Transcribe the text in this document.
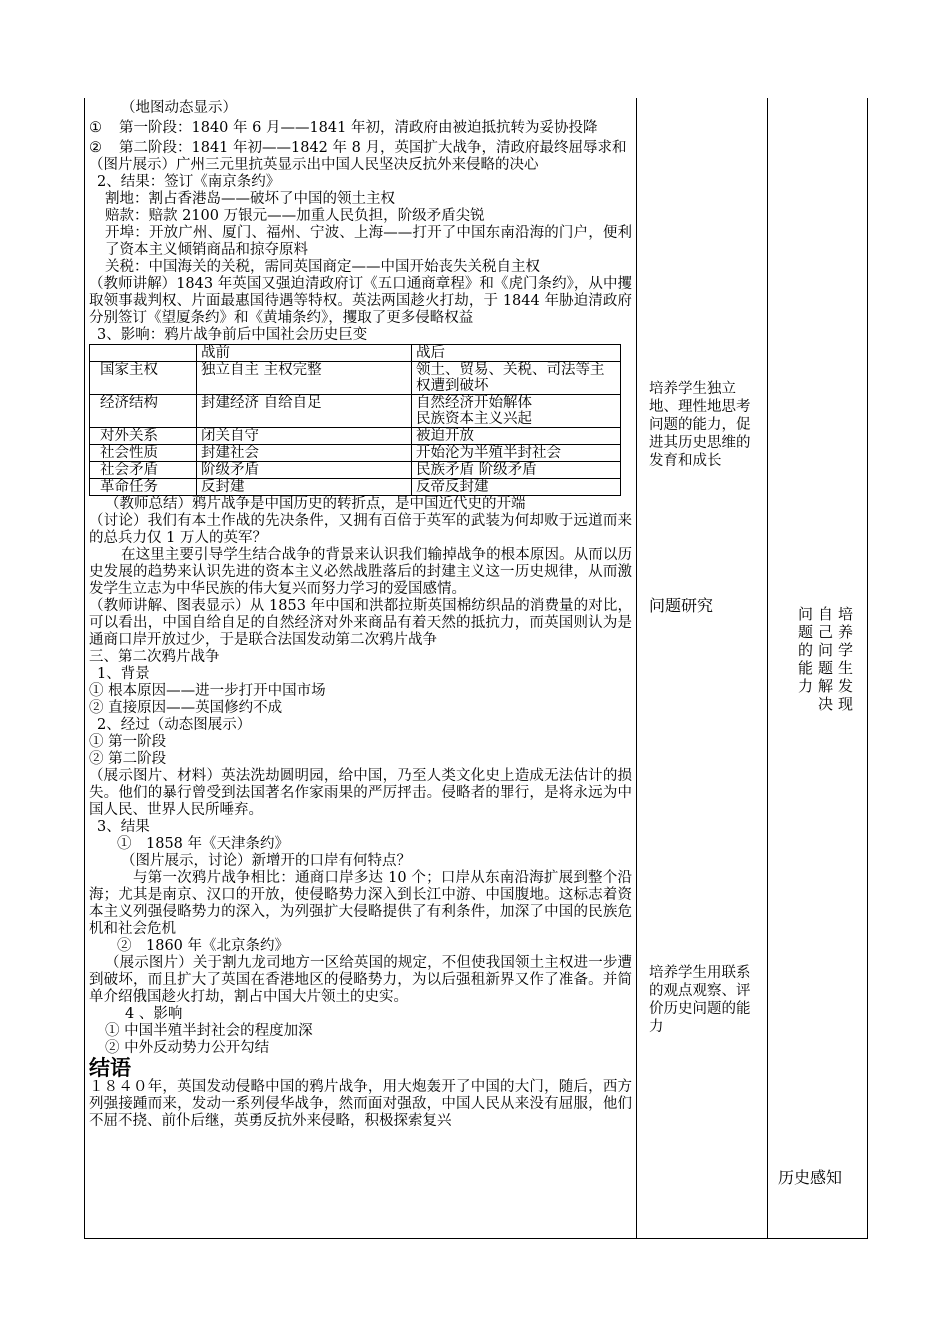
（地图动态显示）

① 第一阶段：1840 年 6 月——1841 年初，清政府由被迫抵抗转为妥协投降

② 第二阶段：1841 年初——1842 年 8 月，英国扩大战争，清政府最终屈辱求和

（图片展示）广州三元里抗英显示出中国人民坚决反抗外来侵略的决心

2、结果：签订《南京条约》

割地：割占香港岛——破坏了中国的领土主权

赔款：赔款 2100 万银元——加重人民负担，阶级矛盾尖锐

开埠：开放广州、厦门、福州、宁波、上海——打开了中国东南沿海的门户，便利了资本主义倾销商品和掠夺原料

关税：中国海关的关税，需同英国商定——中国开始丧失关税自主权

（教师讲解）1843 年英国又强迫清政府订《五口通商章程》和《虎门条约》，从中攫取领事裁判权、片面最惠国待遇等特权。英法两国趁火打劫，于 1844 年胁迫清政府分别签订《望厦条约》和《黄埔条约》，攫取了更多侵略权益

3、影响：鸦片战争前后中国社会历史巨变

	战前	战后
国家主权	独立自主 主权完整	领土、贸易、关税、司法等主权遭到破坏
经济结构	封建经济 自给自足	自然经济开始解体
民族资本主义兴起
对外关系	闭关自守	被迫开放
社会性质	封建社会	开始沦为半殖半封社会
社会矛盾	阶级矛盾	民族矛盾 阶级矛盾
革命任务	反封建	反帝反封建

（教师总结）鸦片战争是中国历史的转折点，是中国近代史的开端

（讨论）我们有本土作战的先决条件，又拥有百倍于英军的武装为何却败于远道而来的总兵力仅 1 万人的英军？

在这里主要引导学生结合战争的背景来认识我们输掉战争的根本原因。从而以历史发展的趋势来认识先进的资本主义必然战胜落后的封建主义这一历史规律，从而激发学生立志为中华民族的伟大复兴而努力学习的爱国感情。

（教师讲解、图表显示）从 1853 年中国和洪都拉斯英国棉纺织品的消费量的对比，可以看出，中国自给自足的自然经济对外来商品有着天然的抵抗力，而英国则认为是通商口岸开放过少，于是联合法国发动第二次鸦片战争

三、第二次鸦片战争

1、背景

① 根本原因——进一步打开中国市场

② 直接原因——英国修约不成

2、经过（动态图展示）

① 第一阶段

② 第二阶段

（展示图片、材料）英法洗劫圆明园，给中国，乃至人类文化史上造成无法估计的损失。他们的暴行曾受到法国著名作家雨果的严厉抨击。侵略者的罪行，是将永远为中国人民、世界人民所唾弃。

3、结果

①　1858 年《天津条约》

（图片展示，讨论）新增开的口岸有何特点？

与第一次鸦片战争相比：通商口岸多达 10 个；口岸从东南沿海扩展到整个沿海；尤其是南京、汉口的开放，使侵略势力深入到长江中游、中国腹地。这标志着资本主义列强侵略势力的深入，为列强扩大侵略提供了有利条件，加深了中国的民族危机和社会危机

②　1860 年《北京条约》

（展示图片）关于割九龙司地方一区给英国的规定，不但使我国领土主权进一步遭到破坏，而且扩大了英国在香港地区的侵略势力，为以后强租新界又作了准备。并简单介绍俄国趁火打劫，割占中国大片领土的史实。

4 、影响

① 中国半殖半封社会的程度加深

② 中外反动势力公开勾结

结语

１８４０年，英国发动侵略中国的鸦片战争，用大炮轰开了中国的大门，随后，西方列强接踵而来，发动一系列侵华战争，然而面对强敌，中国人民从来没有屈服，他们不屈不挠、前仆后继，英勇反抗外来侵略，积极探索复兴

培养学生独立地、理性地思考问题的能力，促进其历史思维的发育和成长
问题研究
培养学生用联系的观点观察、评价历史问题的能力
培养学生发现自己问题解决问题的能力
历史感知
